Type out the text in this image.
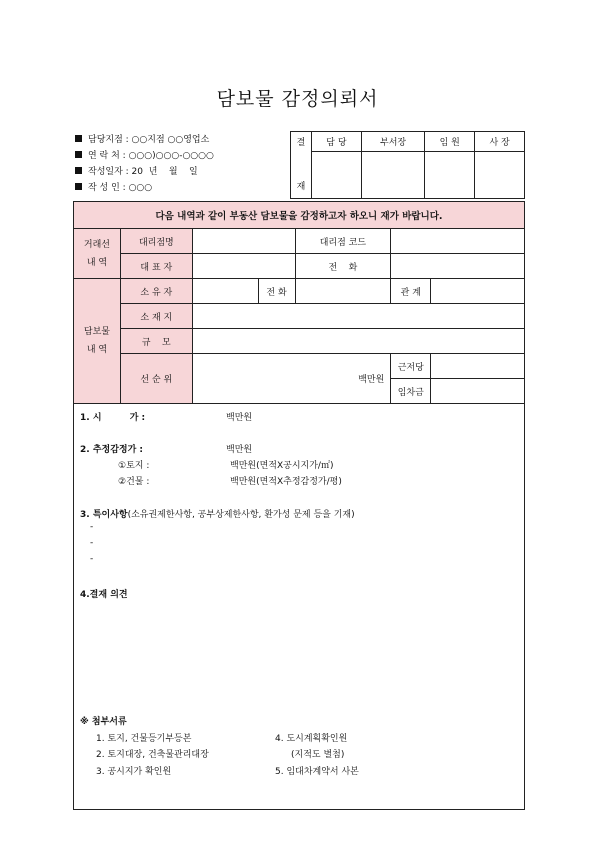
담보물 감정의뢰서
담당지점 : ○○지점 ○○영업소
연 락 처 : ○○○)○○○-○○○○
작성일자 : 20  년    월    일
작 성 인 : ○○○
결

재	담 당	부서장	임 원	사 장

다음 내역과 같이 부동산 담보물을 감정하고자 하오니 재가 바랍니다.						
거래선
내 역	대리점명			대리점 코드		
	대 표 자			전    화		
담보물
내 역	소 유 자		전 화		관 계	
	소 재 지					
	규    모					
	선 순 위	백만원			근저당	
					임차금	
1. 시         가 :	백만원
2. 추정감정가 :	백만원
①토지 :	백만원(면적X공시지가/㎡)
②건물 :	백만원(면적X추정감정가/평)
3. 특이사항(소유권제한사항, 공부상제한사항, 환가성 문제 등을 기재)
-
-
-
4.결재 의견
※ 첨부서류
1. 토지, 건물등기부등본	4. 도시계획확인원
2. 토지대장, 건축물관리대장	(지적도 별첨)
3. 공시지가 확인원	5. 임대차계약서 사본
